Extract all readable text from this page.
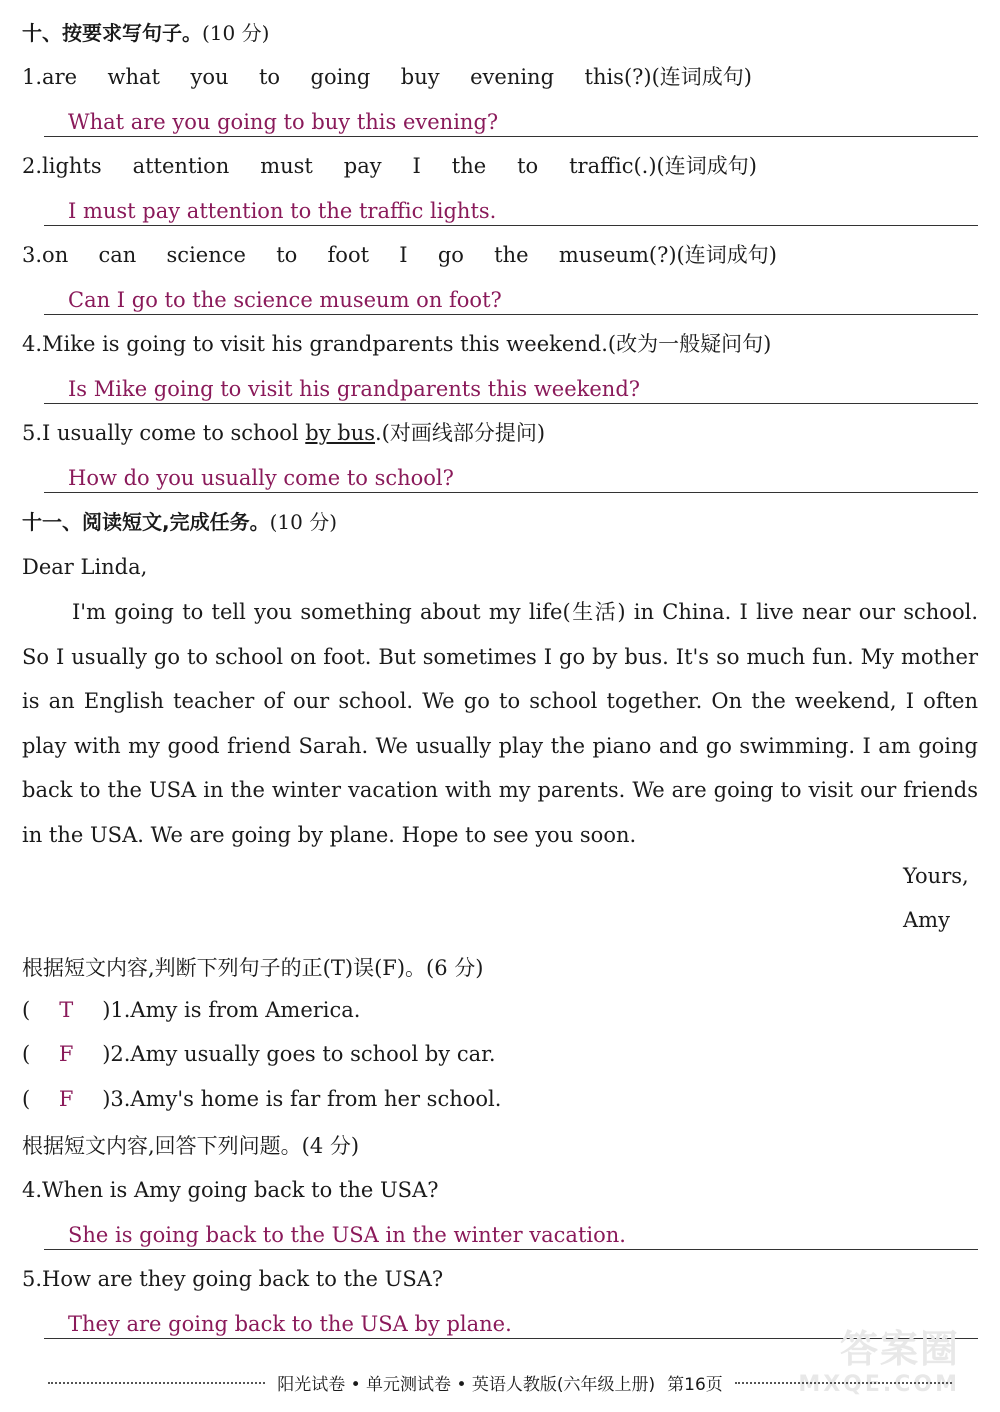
十、按要求写句子。(10 分)
1.are what you to going buy evening this(?)(连词成句)
What are you going to buy this evening?
2.lights attention must pay I the to traffic(.)(连词成句)
I must pay attention to the traffic lights.
3.on can science to foot I go the museum(?)(连词成句)
Can I go to the science museum on foot?
4.Mike is going to visit his grandparents this weekend.(改为一般疑问句)
Is Mike going to visit his grandparents this weekend?
5.I usually come to school by bus.(对画线部分提问)
How do you usually come to school?
十一、阅读短文,完成任务。(10 分)
Dear Linda,
I'm going to tell you something about my life(生活) in China. I live near our school. So I usually go to school on foot. But sometimes I go by bus. It's so much fun. My mother is an English teacher of our school. We go to school together. On the weekend, I often play with my good friend Sarah. We usually play the piano and go swimming. I am going back to the USA in the winter vacation with my parents. We are going to visit our friends in the USA. We are going by plane. Hope to see you soon.
Yours,
Amy
根据短文内容,判断下列句子的正(T)误(F)。(6 分)
( T )1.Amy is from America.
( F )2.Amy usually goes to school by car.
( F )3.Amy's home is far from her school.
根据短文内容,回答下列问题。(4 分)
4.When is Amy going back to the USA?
She is going back to the USA in the winter vacation.
5.How are they going back to the USA?
They are going back to the USA by plane.
答案圈
MXQE.COM
阳光试卷 • 单元测试卷 • 英语人教版(六年级上册) 第16页
